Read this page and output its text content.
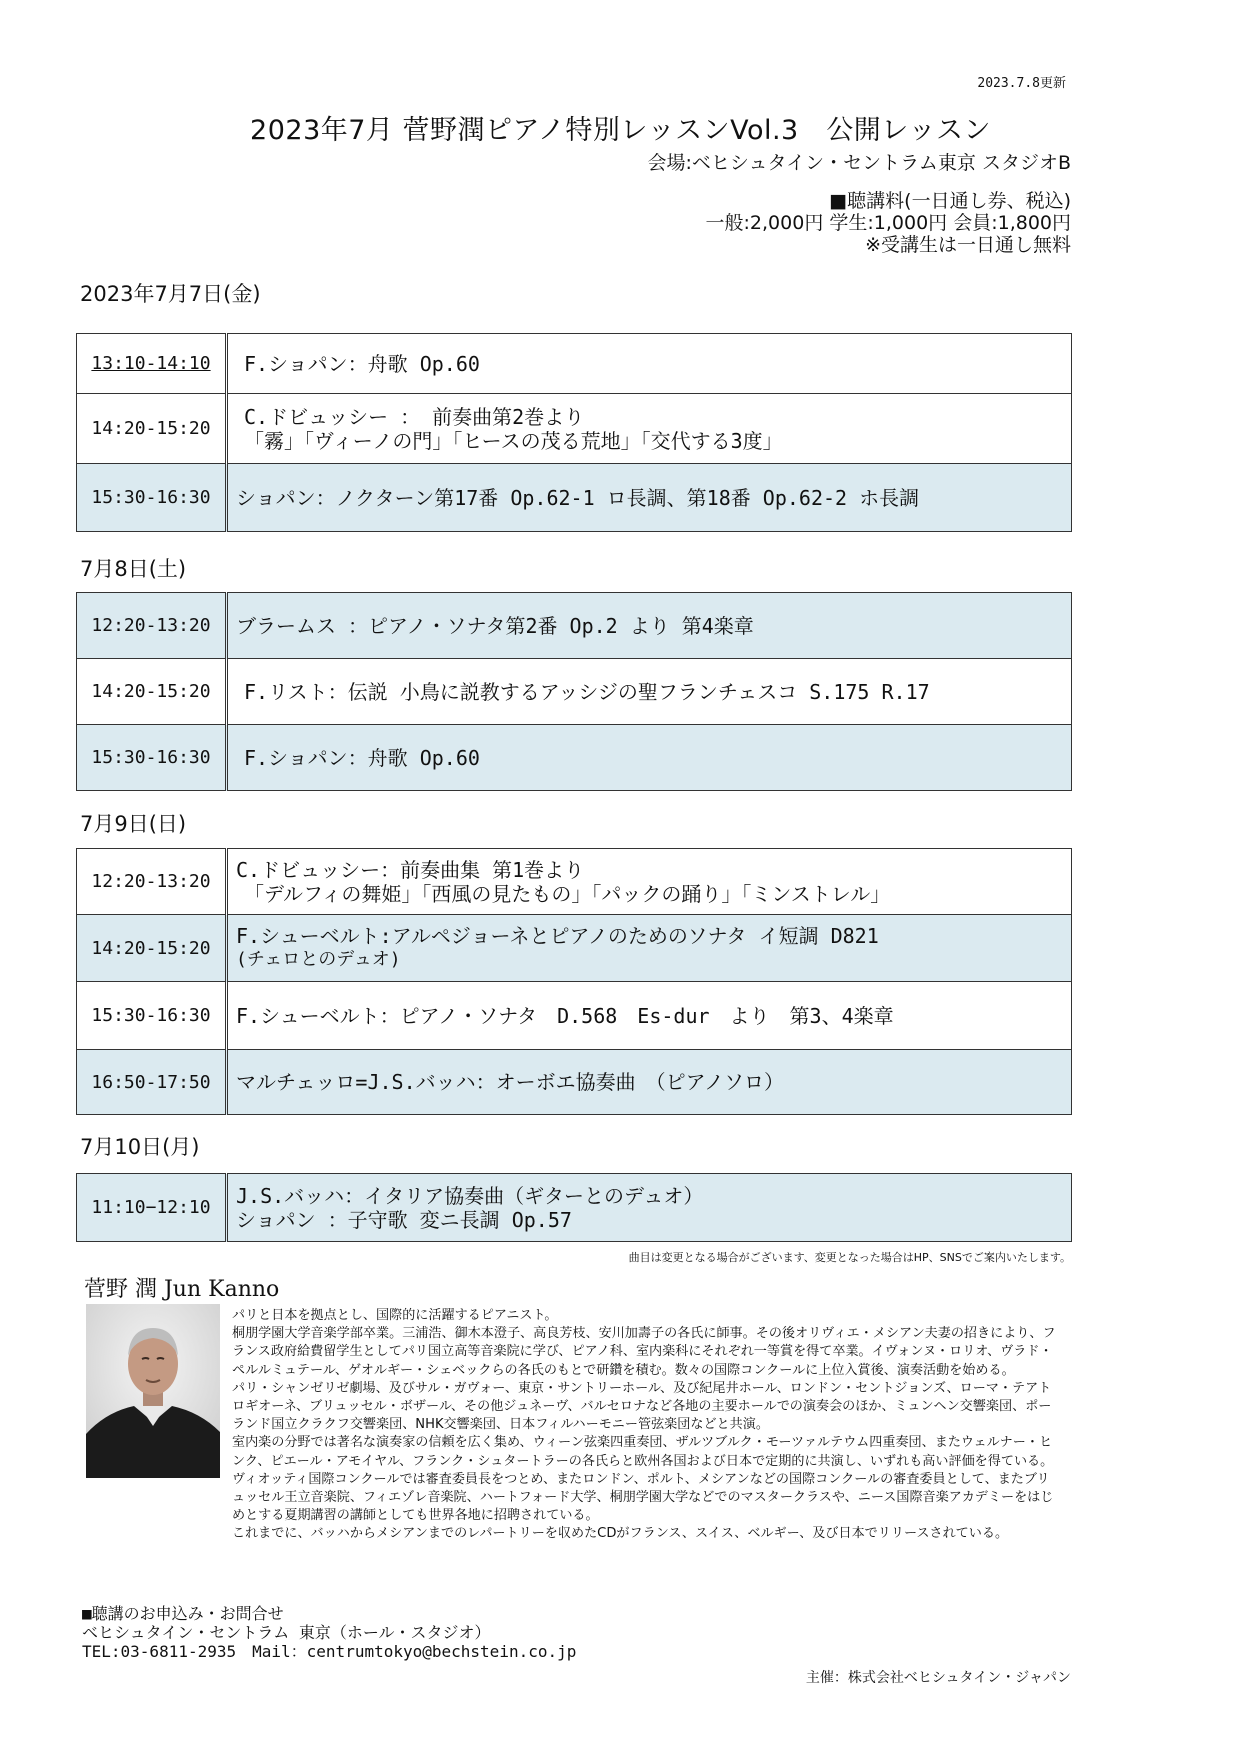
2023.7.8更新
2023年7月 菅野潤ピアノ特別レッスンVol.3　公開レッスン
会場:ベヒシュタイン・セントラム東京 スタジオB
■聴講料(一日通し券、税込)
一般:2,000円 学生:1,000円 会員:1,800円
※受講生は一日通し無料
2023年7月7日(金)
13:10-14:10	F.ショパン：舟歌 Op.60

14:20-15:20	C.ドビュッシー ： 前奏曲第2巻より
「霧」「ヴィーノの門」「ヒースの茂る荒地」「交代する3度」

15:30-16:30	ショパン：ノクターン第17番 Op.62-1 ロ長調、第18番 Op.62-2 ホ長調
7月8日(土)
12:20-13:20	ブラームス ：ピアノ・ソナタ第2番 Op.2 より 第4楽章
14:20-15:20	F.リスト：伝説 小鳥に説教するアッシジの聖フランチェスコ S.175 R.17

15:30-16:30	F.ショパン：舟歌 Op.60
7月9日(日)
12:20-13:20	C.ドビュッシー：前奏曲集 第1巻より
「デルフィの舞姫」「西風の見たもの」「パックの踊り」「ミンストレル」

14:20-15:20	F.シューベルト:アルペジョーネとピアノのためのソナタ イ短調 D821
(チェロとのデュオ)

15:30-16:30	F.シューベルト：ピアノ・ソナタ　D.568　Es-dur　より　第3、4楽章
16:50-17:50	マルチェッロ=J.S.バッハ：オーボエ協奏曲　（ピアノソロ）
7月10日(月)
11:10−12:10	J.S.バッハ：イタリア協奏曲（ギターとのデュオ）
ショパン ：子守歌 変ニ長調 Op.57
曲目は変更となる場合がございます、変更となった場合はHP、SNSでご案内いたします。
菅野 潤 Jun Kanno

パリと日本を拠点とし、国際的に活躍するピアニスト。

桐朋学園大学音楽学部卒業。三浦浩、御木本澄子、高良芳枝、安川加壽子の各氏に師事。その後オリヴィエ・メシアン夫妻の招きにより、フランス政府給費留学生としてパリ国立高等音楽院に学び、ピアノ科、室内楽科にそれぞれ一等賞を得て卒業。イヴォンヌ・ロリオ、ヴラド・ペルルミュテール、ゲオルギー・シェベックらの各氏のもとで研鑽を積む。数々の国際コンクールに上位入賞後、演奏活動を始める。

パリ・シャンゼリゼ劇場、及びサル・ガヴォー、東京・サントリーホール、及び紀尾井ホール、ロンドン・セントジョンズ、ローマ・テアトロギオーネ、ブリュッセル・ボザール、その他ジュネーヴ、バルセロナなど各地の主要ホールでの演奏会のほか、ミュンヘン交響楽団、ポーランド国立クラクフ交響楽団、NHK交響楽団、日本フィルハーモニー管弦楽団などと共演。

室内楽の分野では著名な演奏家の信頼を広く集め、ウィーン弦楽四重奏団、ザルツブルク・モーツァルテウム四重奏団、またウェルナー・ヒンク、ピエール・アモイヤル、フランク・シュタートラーの各氏らと欧州各国および日本で定期的に共演し、いずれも高い評価を得ている。ヴィオッティ国際コンクールでは審査委員長をつとめ、またロンドン、ポルト、メシアンなどの国際コンクールの審査委員として、またブリュッセル王立音楽院、フィエゾレ音楽院、ハートフォード大学、桐朋学園大学などでのマスタークラスや、ニース国際音楽アカデミーをはじめとする夏期講習の講師としても世界各地に招聘されている。

これまでに、バッハからメシアンまでのレパートリーを収めたCDがフランス、スイス、ベルギー、及び日本でリリースされている。

■聴講のお申込み・お問合せ
ベヒシュタイン・セントラム 東京（ホール・スタジオ）
TEL:03-6811-2935　Mail：centrumtokyo@bechstein.co.jp
主催：株式会社ベヒシュタイン・ジャパン
